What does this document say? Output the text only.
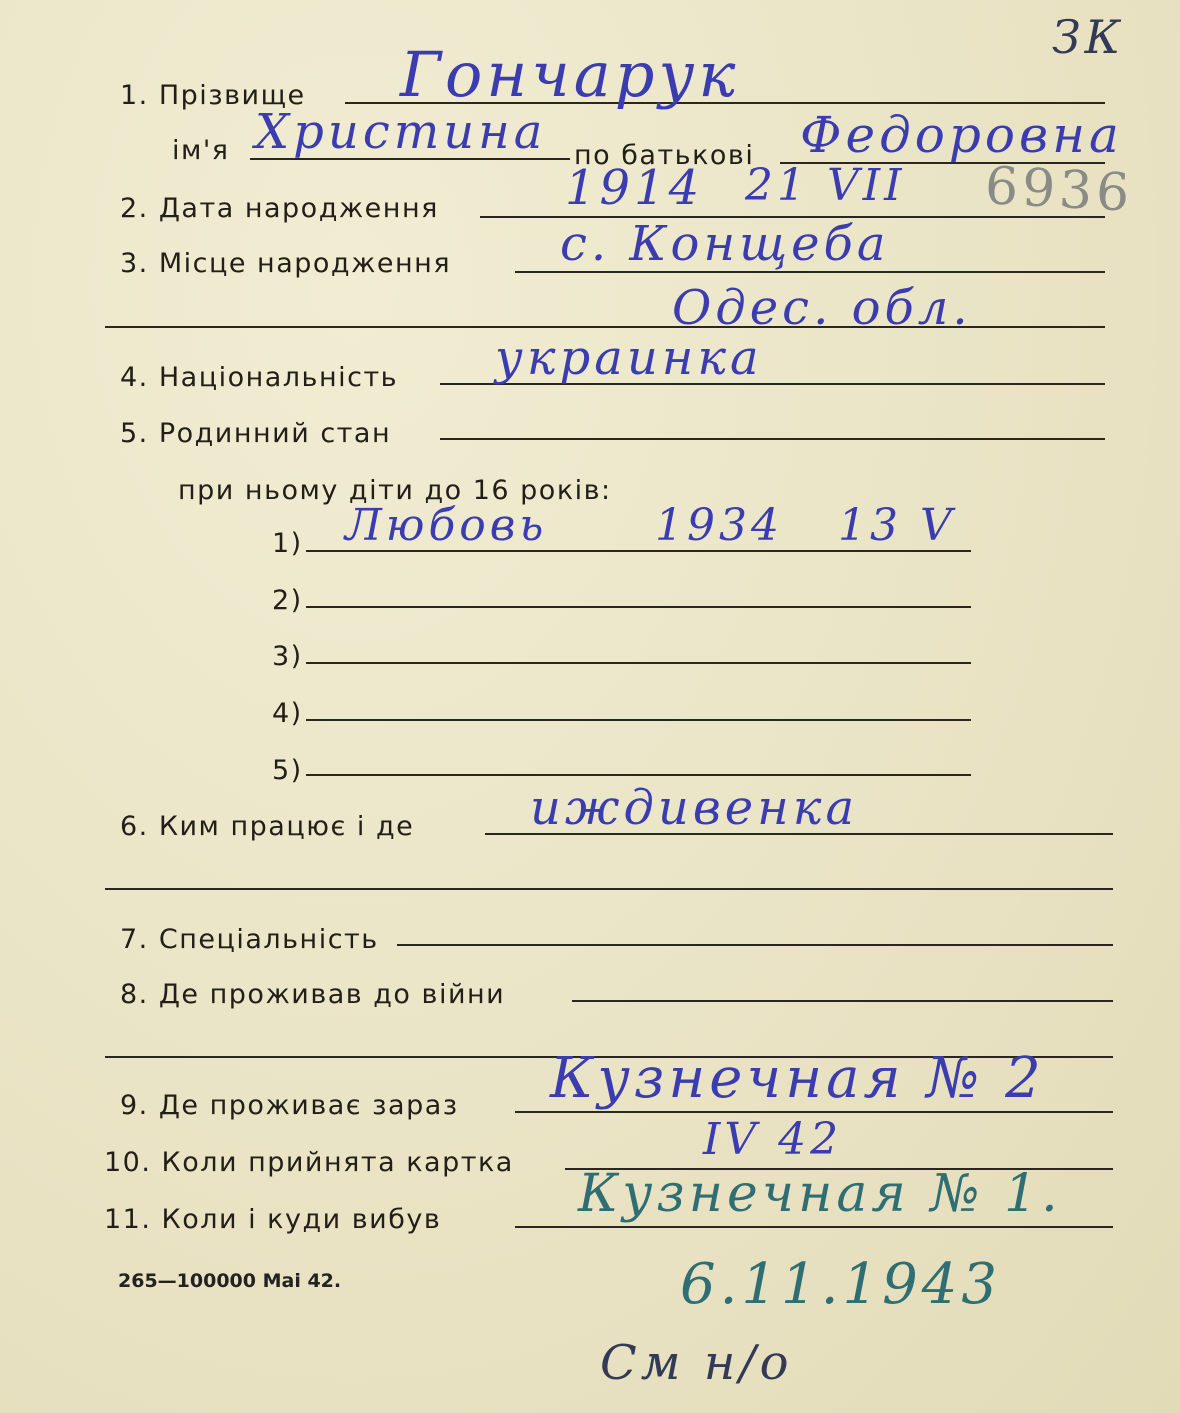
ЗК
6936
1. Прізвище Гончарук
ім'я Христина по батькові Федоровна
2. Дата народження	1914 21 VII
3. Місце народження с. Конщеба
Одес. обл.
4. Національність украинка
5. Родинний стан
при ньому діти до 16 років:
1) Любовь 1934 13 V
2)
3)
4)
5)
6. Ким працює і де иждивенка
7. Спеціальність
8. Де проживав до війни
9. Де проживає зараз Кузнечная № 2
10. Коли прийнята картка	IV 42
11. Коли і куди вибув	Кузнечная № 1.
265—100000 Mai 42.	6.11.1943
См н/о
